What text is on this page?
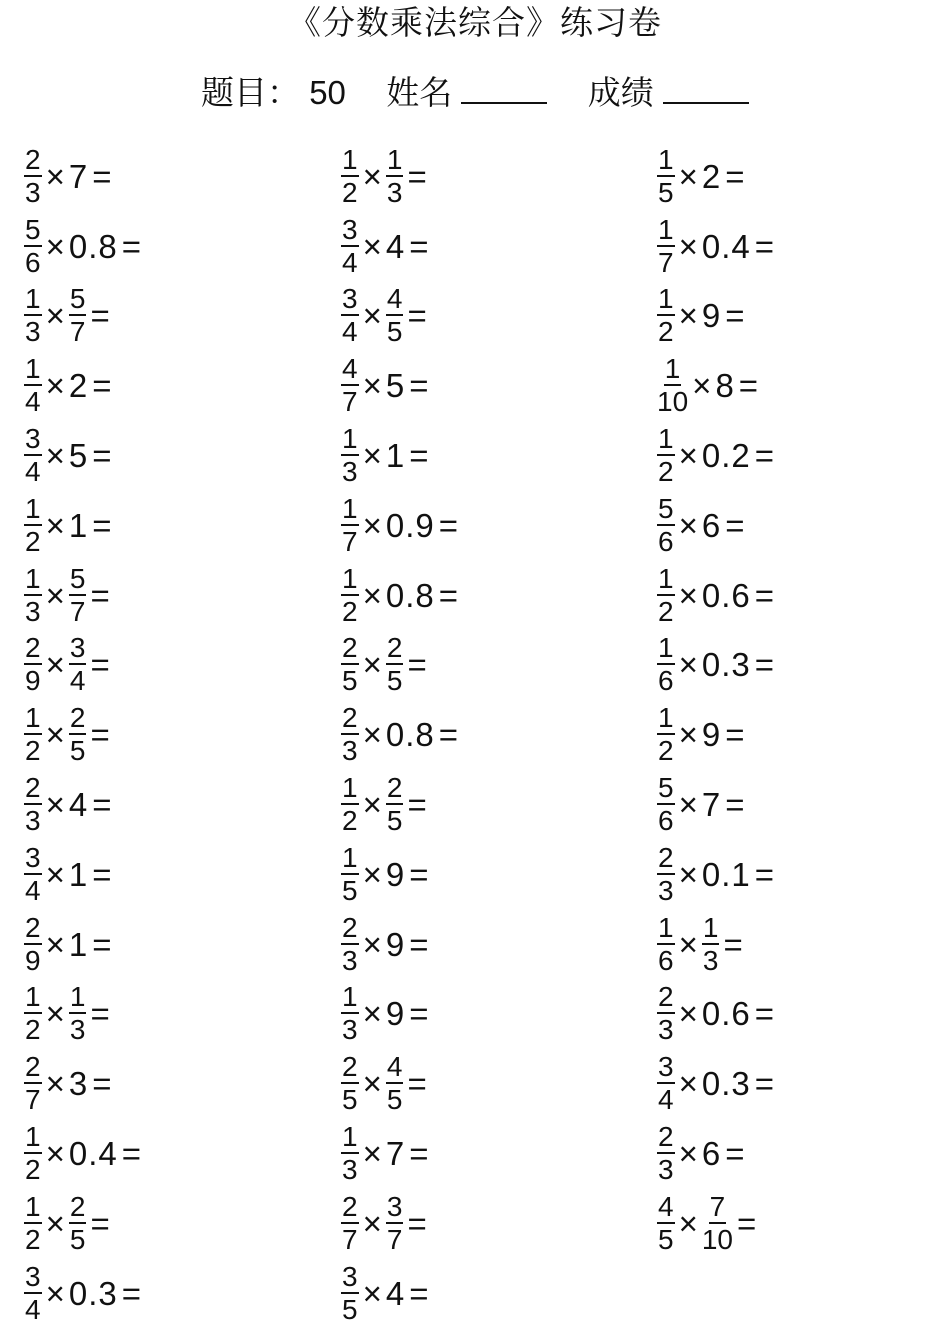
《分数乘法综合》练习卷
题目： 50 姓名	成绩
$\frac{2}{3} \times 7$ =
$\frac{5}{6} \times 0.8$ =
$\frac{1}{3} \times \frac{5}{7}$ =
$\frac{1}{4} \times 2$ =
$\frac{3}{4} \times 5$ =
$\frac{1}{2} \times 1$ =
$\frac{1}{3} \times \frac{5}{7}$ =
$\frac{2}{9} \times \frac{3}{4}$ =
$\frac{1}{2} \times \frac{2}{5}$ =
$\frac{2}{3} \times 4$ =
$\frac{3}{4} \times 1$ =
$\frac{2}{9} \times 1$ =
$\frac{1}{2} \times \frac{1}{3}$ =
$\frac{2}{7} \times 3$ =
$\frac{1}{2} \times 0.4$ =
$\frac{1}{2} \times \frac{2}{5}$ =
$\frac{3}{4} \times 0.3$ =
$\frac{1}{2} \times \frac{1}{3}$ =
$\frac{3}{4} \times 4$ =
$\frac{3}{4} \times \frac{4}{5}$ =
$\frac{4}{7} \times 5$ =
$\frac{1}{3} \times 1$ =
$\frac{1}{7} \times 0.9$ =
$\frac{1}{2} \times 0.8$ =
$\frac{2}{5} \times \frac{2}{5}$ =
$\frac{2}{3} \times 0.8$ =
$\frac{1}{2} \times \frac{2}{5}$ =
$\frac{1}{5} \times 9$ =
$\frac{2}{3} \times 9$ =
$\frac{1}{3} \times 9$ =
$\frac{2}{5} \times \frac{4}{5}$ =
$\frac{1}{3} \times 7$ =
$\frac{2}{7} \times \frac{3}{7}$ =
$\frac{3}{5} \times 4$ =
$\frac{1}{5} \times 2$ =
$\frac{1}{7} \times 0.4$ =
$\frac{1}{2} \times 9$ =
$\frac{1}{10} \times 8$ =
$\frac{1}{2} \times 0.2$ =
$\frac{5}{6} \times 6$ =
$\frac{1}{2} \times 0.6$ =
$\frac{1}{6} \times 0.3$ =
$\frac{1}{2} \times 9$ =
$\frac{5}{6} \times 7$ =
$\frac{2}{3} \times 0.1$ =
$\frac{1}{6} \times \frac{1}{3}$ =
$\frac{2}{3} \times 0.6$ =
$\frac{3}{4} \times 0.3$ =
$\frac{2}{3} \times 6$ =
$\frac{4}{5} \times \frac{7}{10}$ =
